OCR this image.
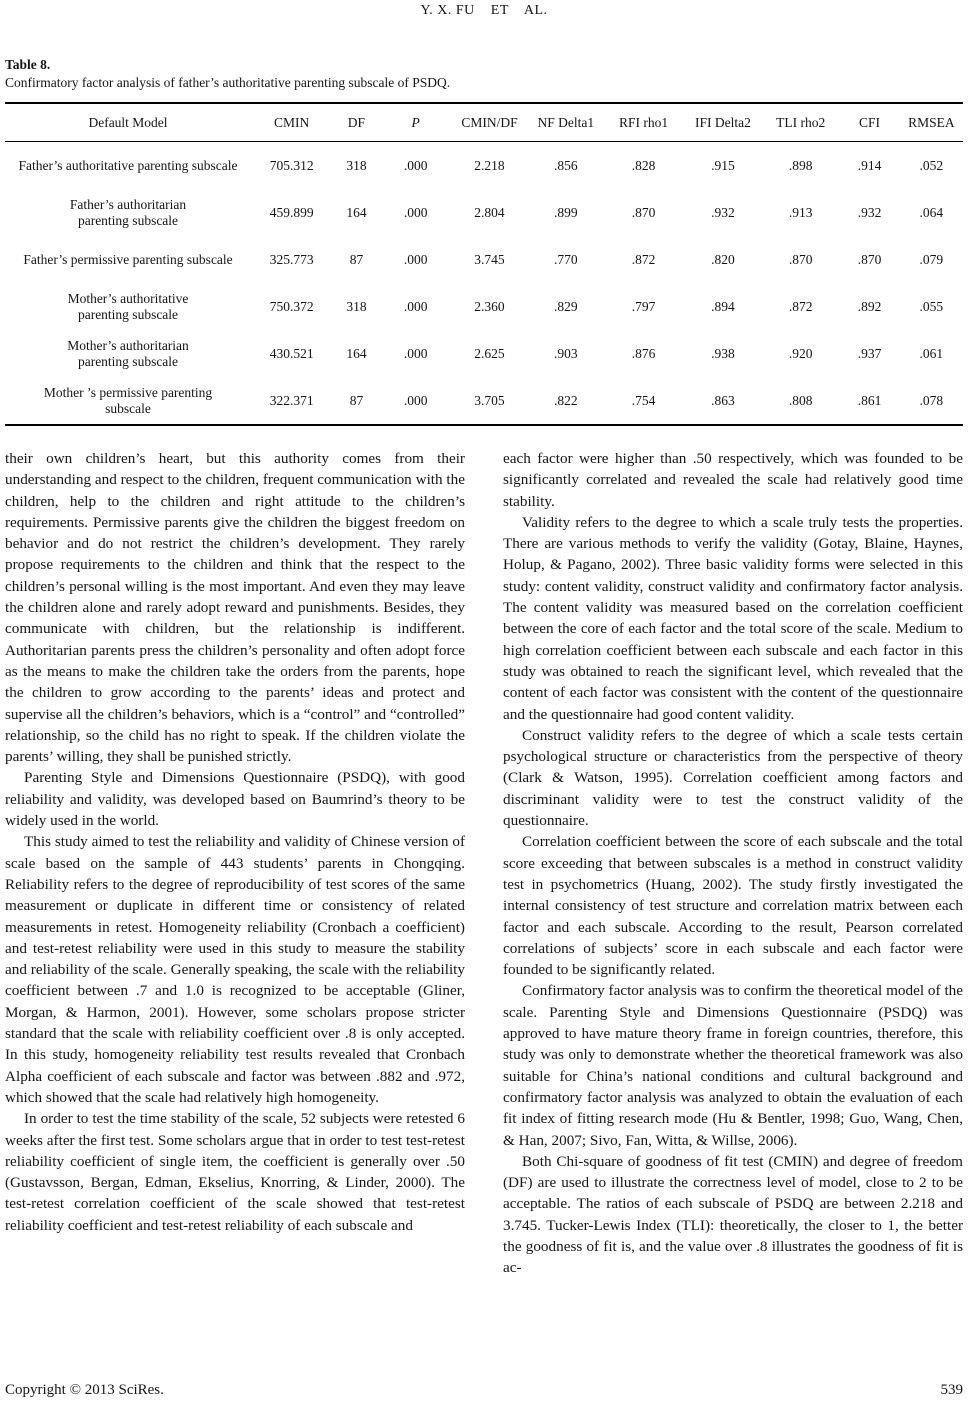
Y. X. FU    ET    AL.
Table 8.
Confirmatory factor analysis of father’s authoritative parenting subscale of PSDQ.
Default Model	CMIN	DF	P	CMIN/DF	NF Delta1	RFI rho1	IFI Delta2	TLI rho2	CFI	RMSEA
Father’s authoritative parenting subscale	705.312	318	.000	2.218	.856	.828	.915	.898	.914	.052
Father’s authoritarian parenting subscale	459.899	164	.000	2.804	.899	.870	.932	.913	.932	.064
Father’s permissive parenting subscale	325.773	87	.000	3.745	.770	.872	.820	.870	.870	.079
Mother’s authoritative parenting subscale	750.372	318	.000	2.360	.829	.797	.894	.872	.892	.055
Mother’s authoritarian parenting subscale	430.521	164	.000	2.625	.903	.876	.938	.920	.937	.061
Mother ’s permissive parenting subscale	322.371	87	.000	3.705	.822	.754	.863	.808	.861	.078

their own children’s heart, but this authority comes from their understanding and respect to the children, frequent communication with the children, help to the children and right attitude to the children’s requirements. Permissive parents give the children the biggest freedom on behavior and do not restrict the children’s development. They rarely propose requirements to the children and think that the respect to the children’s personal willing is the most important. And even they may leave the children alone and rarely adopt reward and punishments. Besides, they communicate with children, but the relationship is indifferent. Authoritarian parents press the children’s personality and often adopt force as the means to make the children take the orders from the parents, hope the children to grow according to the parents’ ideas and protect and supervise all the children’s behaviors, which is a “control” and “controlled” relationship, so the child has no right to speak. If the children violate the parents’ willing, they shall be punished strictly.

Parenting Style and Dimensions Questionnaire (PSDQ), with good reliability and validity, was developed based on Baumrind’s theory to be widely used in the world.

This study aimed to test the reliability and validity of Chinese version of scale based on the sample of 443 students’ parents in Chongqing. Reliability refers to the degree of reproducibility of test scores of the same measurement or duplicate in different time or consistency of related measurements in retest. Homogeneity reliability (Cronbach a coefficient) and test-retest reliability were used in this study to measure the stability and reliability of the scale. Generally speaking, the scale with the reliability coefficient between .7 and 1.0 is recognized to be acceptable (Gliner, Morgan, & Harmon, 2001). However, some scholars propose stricter standard that the scale with reliability coefficient over .8 is only accepted. In this study, homogeneity reliability test results revealed that Cronbach Alpha coefficient of each subscale and factor was between .882 and .972, which showed that the scale had relatively high homogeneity.

In order to test the time stability of the scale, 52 subjects were retested 6 weeks after the first test. Some scholars argue that in order to test test-retest reliability coefficient of single item, the coefficient is generally over .50 (Gustavsson, Bergan, Edman, Ekselius, Knorring, & Linder, 2000). The test-retest correlation coefficient of the scale showed that test-retest reliability coefficient and test-retest reliability of each subscale and

each factor were higher than .50 respectively, which was founded to be significantly correlated and revealed the scale had relatively good time stability.

Validity refers to the degree to which a scale truly tests the properties. There are various methods to verify the validity (Gotay, Blaine, Haynes, Holup, & Pagano, 2002). Three basic validity forms were selected in this study: content validity, construct validity and confirmatory factor analysis. The content validity was measured based on the correlation coefficient between the core of each factor and the total score of the scale. Medium to high correlation coefficient between each subscale and each factor in this study was obtained to reach the significant level, which revealed that the content of each factor was consistent with the content of the questionnaire and the questionnaire had good content validity.

Construct validity refers to the degree of which a scale tests certain psychological structure or characteristics from the perspective of theory (Clark & Watson, 1995). Correlation coefficient among factors and discriminant validity were to test the construct validity of the questionnaire.

Correlation coefficient between the score of each subscale and the total score exceeding that between subscales is a method in construct validity test in psychometrics (Huang, 2002). The study firstly investigated the internal consistency of test structure and correlation matrix between each factor and each subscale. According to the result, Pearson correlated correlations of subjects’ score in each subscale and each factor were founded to be significantly related.

Confirmatory factor analysis was to confirm the theoretical model of the scale. Parenting Style and Dimensions Questionnaire (PSDQ) was approved to have mature theory frame in foreign countries, therefore, this study was only to demonstrate whether the theoretical framework was also suitable for China’s national conditions and cultural background and confirmatory factor analysis was analyzed to obtain the evaluation of each fit index of fitting research mode (Hu & Bentler, 1998; Guo, Wang, Chen, & Han, 2007; Sivo, Fan, Witta, & Willse, 2006).

Both Chi-square of goodness of fit test (CMIN) and degree of freedom (DF) are used to illustrate the correctness level of model, close to 2 to be acceptable. The ratios of each subscale of PSDQ are between 2.218 and 3.745. Tucker-Lewis Index (TLI): theoretically, the closer to 1, the better the goodness of fit is, and the value over .8 illustrates the goodness of fit is ac-

Copyright © 2013 SciRes.	539
